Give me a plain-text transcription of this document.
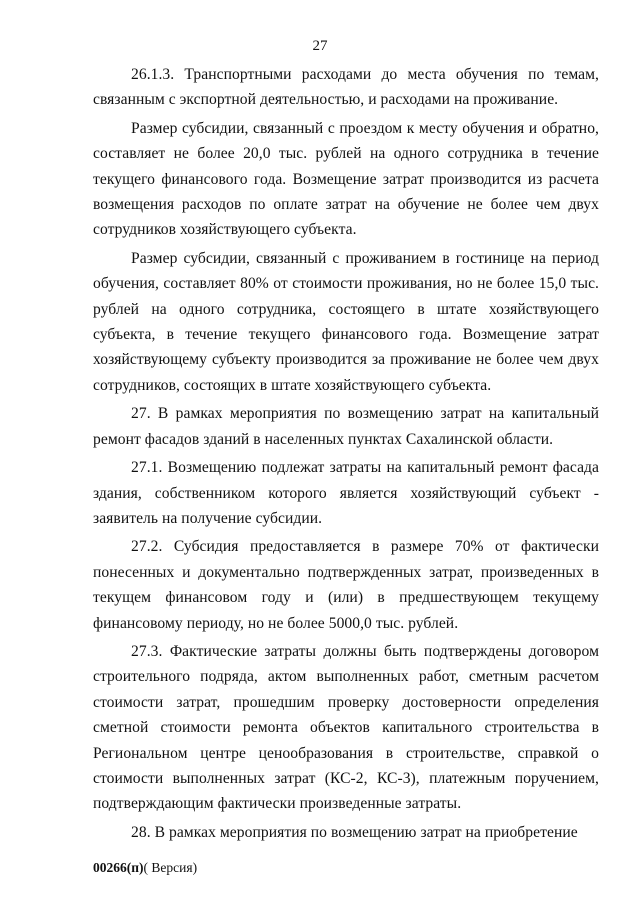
27

26.1.3. Транспортными расходами до места обучения по темам, связанным с экспортной деятельностью, и расходами на проживание.

Размер субсидии, связанный с проездом к месту обучения и обратно, составляет не более 20,0 тыс. рублей на одного сотрудника в течение текущего финансового года. Возмещение затрат производится из расчета возмещения расходов по оплате затрат на обучение не более чем двух сотрудников хозяйствующего субъекта.

Размер субсидии, связанный с проживанием в гостинице на период обучения, составляет 80% от стоимости проживания, но не более 15,0 тыс. рублей на одного сотрудника, состоящего в штате хозяйствующего субъекта, в течение текущего финансового года. Возмещение затрат хозяйствующему субъекту производится за проживание не более чем двух сотрудников, состоящих в штате хозяйствующего субъекта.

27. В рамках мероприятия по возмещению затрат на капитальный ремонт фасадов зданий в населенных пунктах Сахалинской области.

27.1. Возмещению подлежат затраты на капитальный ремонт фасада здания, собственником которого является хозяйствующий субъект - заявитель на получение субсидии.

27.2. Субсидия предоставляется в размере 70% от фактически понесенных и документально подтвержденных затрат, произведенных в текущем финансовом году и (или) в предшествующем текущему финансовому периоду, но не более 5000,0 тыс. рублей.

27.3. Фактические затраты должны быть подтверждены договором строительного подряда, актом выполненных работ, сметным расчетом стоимости затрат, прошедшим проверку достоверности определения сметной стоимости ремонта объектов капитального строительства в Региональном центре ценообразования в строительстве, справкой о стоимости выполненных затрат (КС-2, КС-3), платежным поручением, подтверждающим фактически произведенные затраты.

28. В рамках мероприятия по возмещению затрат на приобретение

00266(п)( Версия)
